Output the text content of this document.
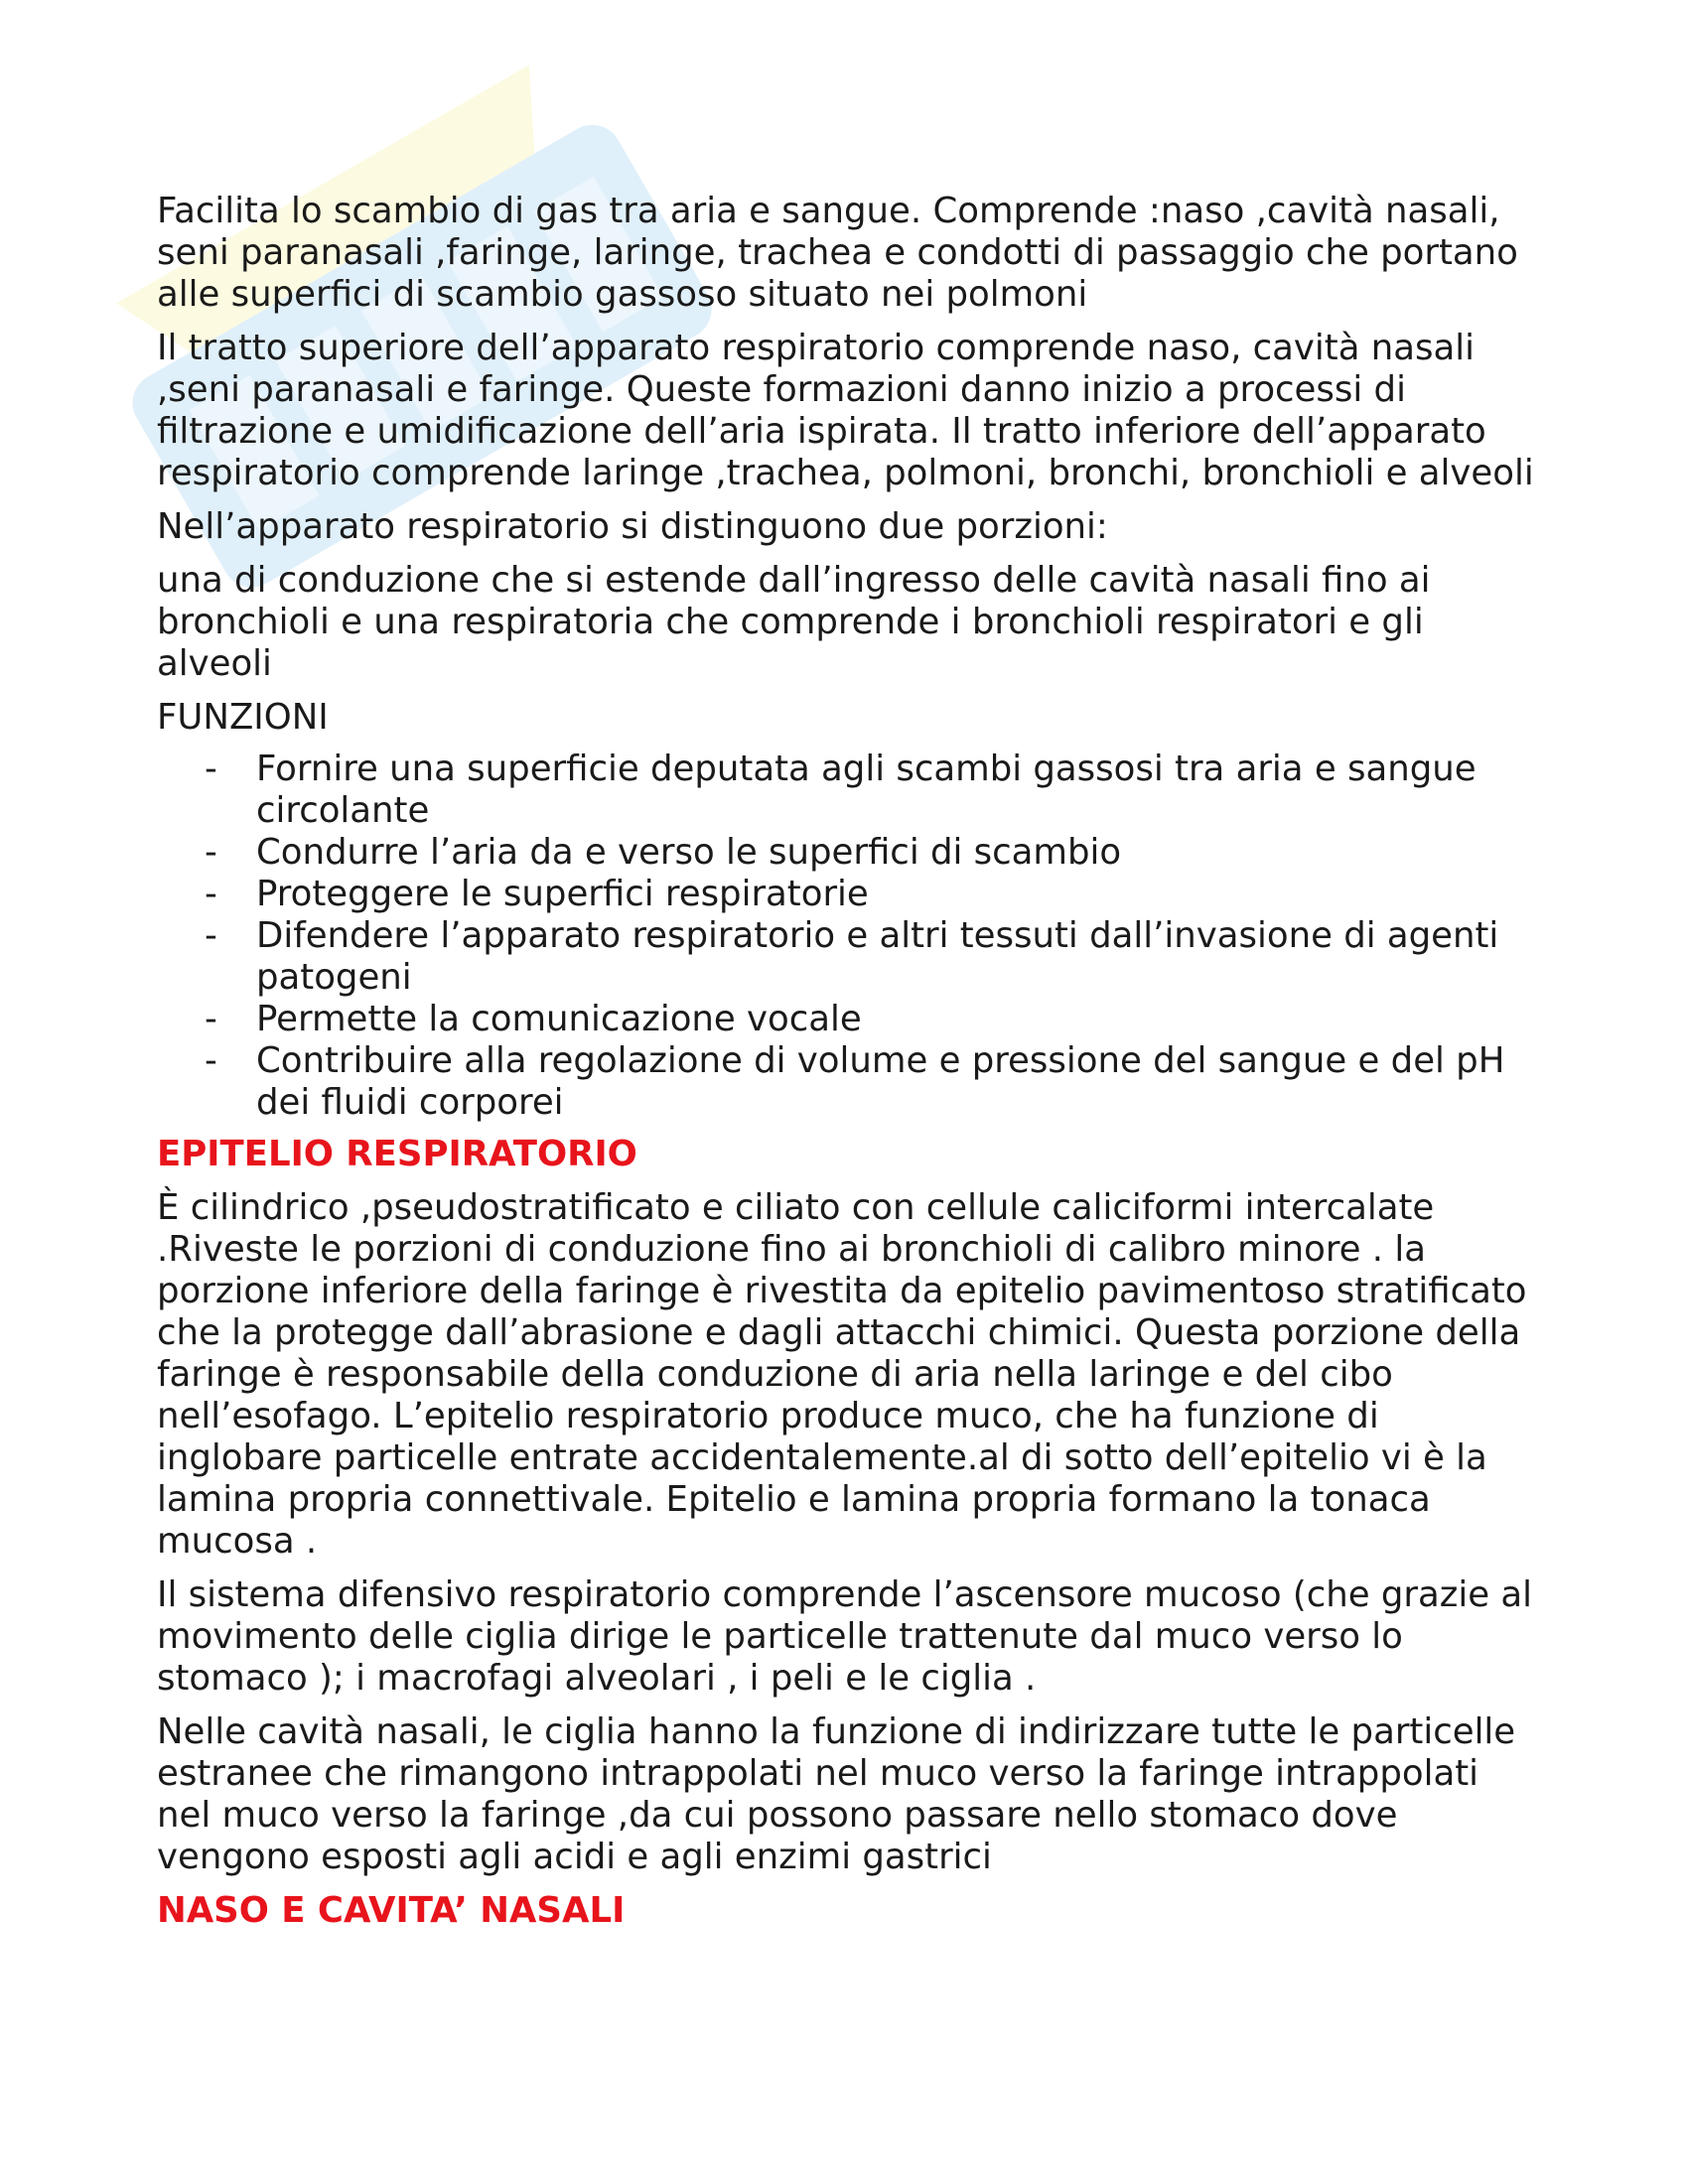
Facilita lo scambio di gas tra aria e sangue. Comprende :naso ,cavità nasali, seni paranasali ,faringe, laringe, trachea e condotti di passaggio che portano alle superfici di scambio gassoso situato nei polmoni

Il tratto superiore dell’apparato respiratorio comprende naso, cavità nasali ,seni paranasali e faringe. Queste formazioni danno inizio a processi di filtrazione e umidificazione dell’aria ispirata. Il tratto inferiore dell’apparato respiratorio comprende laringe ,trachea, polmoni, bronchi, bronchioli e alveoli

Nell’apparato respiratorio si distinguono due porzioni:

una di conduzione che si estende dall’ingresso delle cavità nasali fino ai bronchioli e una respiratoria che comprende i bronchioli respiratori e gli alveoli

FUNZIONI

- Fornire una superficie deputata agli scambi gassosi tra aria e sangue circolante
- Condurre l’aria da e verso le superfici di scambio
- Proteggere le superfici respiratorie
- Difendere l’apparato respiratorio e altri tessuti dall’invasione di agenti patogeni
- Permette la comunicazione vocale
- Contribuire alla regolazione di volume e pressione del sangue e del pH dei fluidi corporei

EPITELIO RESPIRATORIO

È cilindrico ,pseudostratificato e ciliato con cellule caliciformi intercalate .Riveste le porzioni di conduzione fino ai bronchioli di calibro minore . la porzione inferiore della faringe è rivestita da epitelio pavimentoso stratificato che la protegge dall’abrasione e dagli attacchi chimici. Questa porzione della faringe è responsabile della conduzione di aria nella laringe e del cibo nell’esofago. L’epitelio respiratorio produce muco, che ha funzione di inglobare particelle entrate accidentalemente.al di sotto dell’epitelio vi è la lamina propria connettivale. Epitelio e lamina propria formano la tonaca mucosa .

Il sistema difensivo respiratorio comprende l’ascensore mucoso (che grazie al movimento delle ciglia dirige le particelle trattenute dal muco verso lo stomaco ); i macrofagi alveolari , i peli e le ciglia .

Nelle cavità nasali, le ciglia hanno la funzione di indirizzare tutte le particelle estranee che rimangono intrappolati nel muco verso la faringe intrappolati nel muco verso la faringe ,da cui possono passare nello stomaco dove vengono esposti agli acidi e agli enzimi gastrici

NASO E CAVITA’ NASALI
